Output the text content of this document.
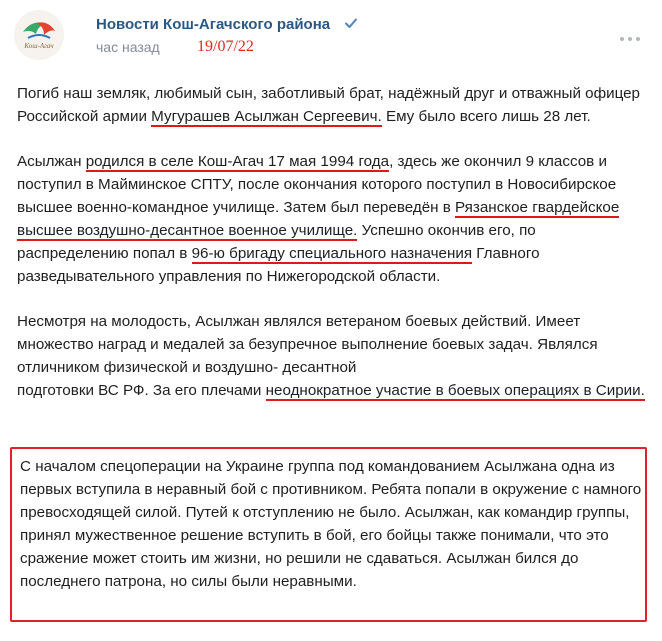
Кош-Агач
Новости Кош-Агачского района
час назад 19/07/22

Погиб наш земляк, любимый сын, заботливый брат, надёжный друг и отважный офицер Российской армии Мугурашев Асылжан Сергеевич. Ему было всего лишь 28 лет.

Асылжан родился в селе Кош-Агач 17 мая 1994 года, здесь же окончил 9 классов и поступил в Майминское СПТУ, после окончания которого поступил в Новосибирское высшее военно-командное училище. Затем был переведён в Рязанское гвардейское высшее воздушно-десантное военное училище. Успешно окончив его, по распределению попал в 96-ю бригаду специального назначения Главного разведывательного управления по Нижегородской области.

Несмотря на молодость, Асылжан являлся ветераном боевых действий. Имеет множество наград и медалей за безупречное выполнение боевых задач. Являлся отличником физической и воздушно- десантной
подготовки ВС РФ. За его плечами неоднократное участие в боевых операциях в Сирии.

С началом спецоперации на Украине группа под командованием Асылжана одна из первых вступила в неравный бой с противником. Ребята попали в окружение с намного превосходящей силой. Путей к отступлению не было. Асылжан, как командир группы, принял мужественное решение вступить в бой, его бойцы также понимали, что это сражение может стоить им жизни, но решили не сдаваться. Асылжан бился до последнего патрона, но силы были неравными.
